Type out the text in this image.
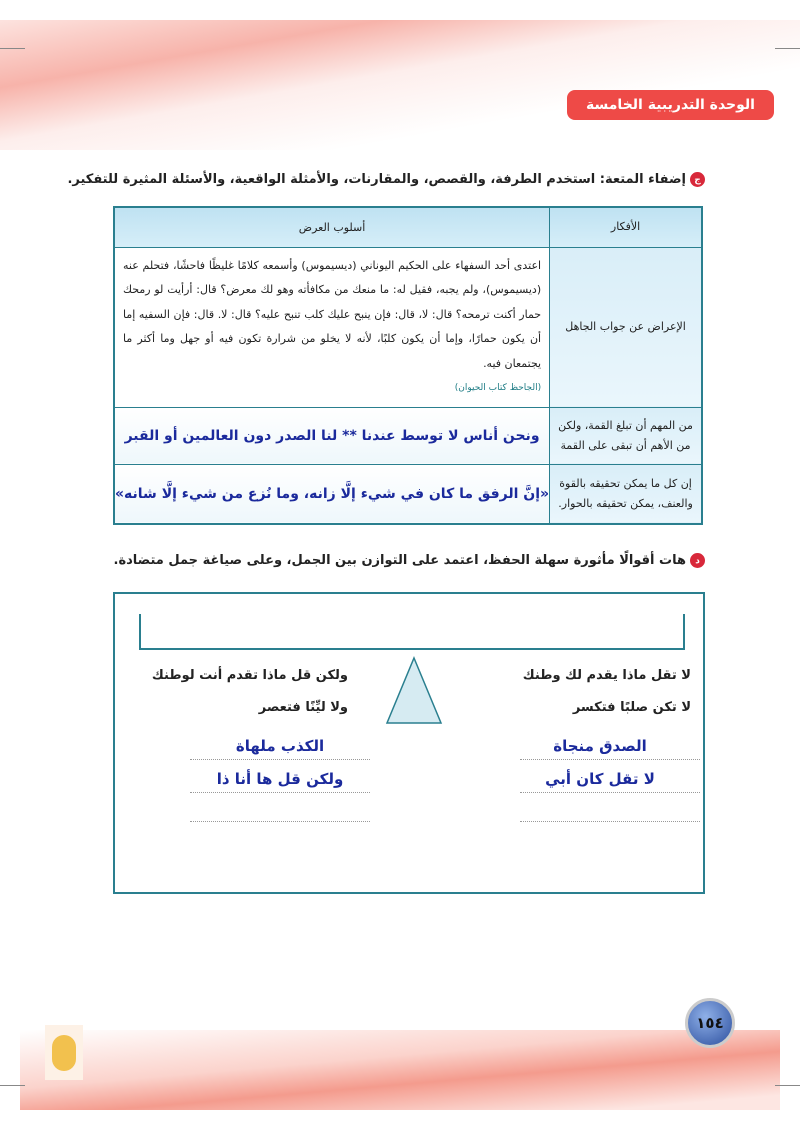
الوحدة التدريبية الخامسة
ج
إضفاء المتعة: استخدم الطرفة، والقصص، والمقارنات، والأمثلة الواقعية، والأسئلة المثيرة للتفكير.
الأفكار	أسلوب العرض
الإعراض عن جواب الجاهل	اعتدى أحد السفهاء على الحكيم اليوناني (ديسيموس) وأسمعه كلامًا غليظًا فاحشًا، فتحلم عنه (ديسيموس)، ولم يجبه، فقيل له: ما منعك من مكافأته وهو لك معرض؟ قال: أرأيت لو رمحك حمار أكنت ترمحه؟ قال: لا، قال: فإن ينبح عليك كلب تنبح عليه؟ قال: لا. قال: فإن السفيه إما أن يكون حمارًا، وإما أن يكون كلبًا، لأنه لا يخلو من شرارة تكون فيه أو جهل وما أكثر ما يجتمعان فيه.
(الجاحظ كتاب الحيوان)

من المهم أن تبلغ القمة، ولكن من الأهم أن تبقى على القمة	ونحن أناس لا توسط عندنا ** لنا الصدر دون العالمين أو القبر
إن كل ما يمكن تحقيقه بالقوة والعنف، يمكن تحقيقه بالحوار.	«إنَّ الرفق ما كان في شيء إلَّا زانه، وما نُزع من شيء إلَّا شانه»
د
هات أقوالًا مأثورة سهلة الحفظ، اعتمد على التوازن بين الجمل، وعلى صياغة جمل متضادة.
لا تقل ماذا يقدم لك وطنك
لا تكن صلبًا فتكسر
ولكن قل ماذا تقدم أنت لوطنك
ولا ليِّنًا فتعصر
الصدق منجاة
لا تقل كان أبي
الكذب ملهاة
ولكن قل ها أنا ذا
١٥٤
